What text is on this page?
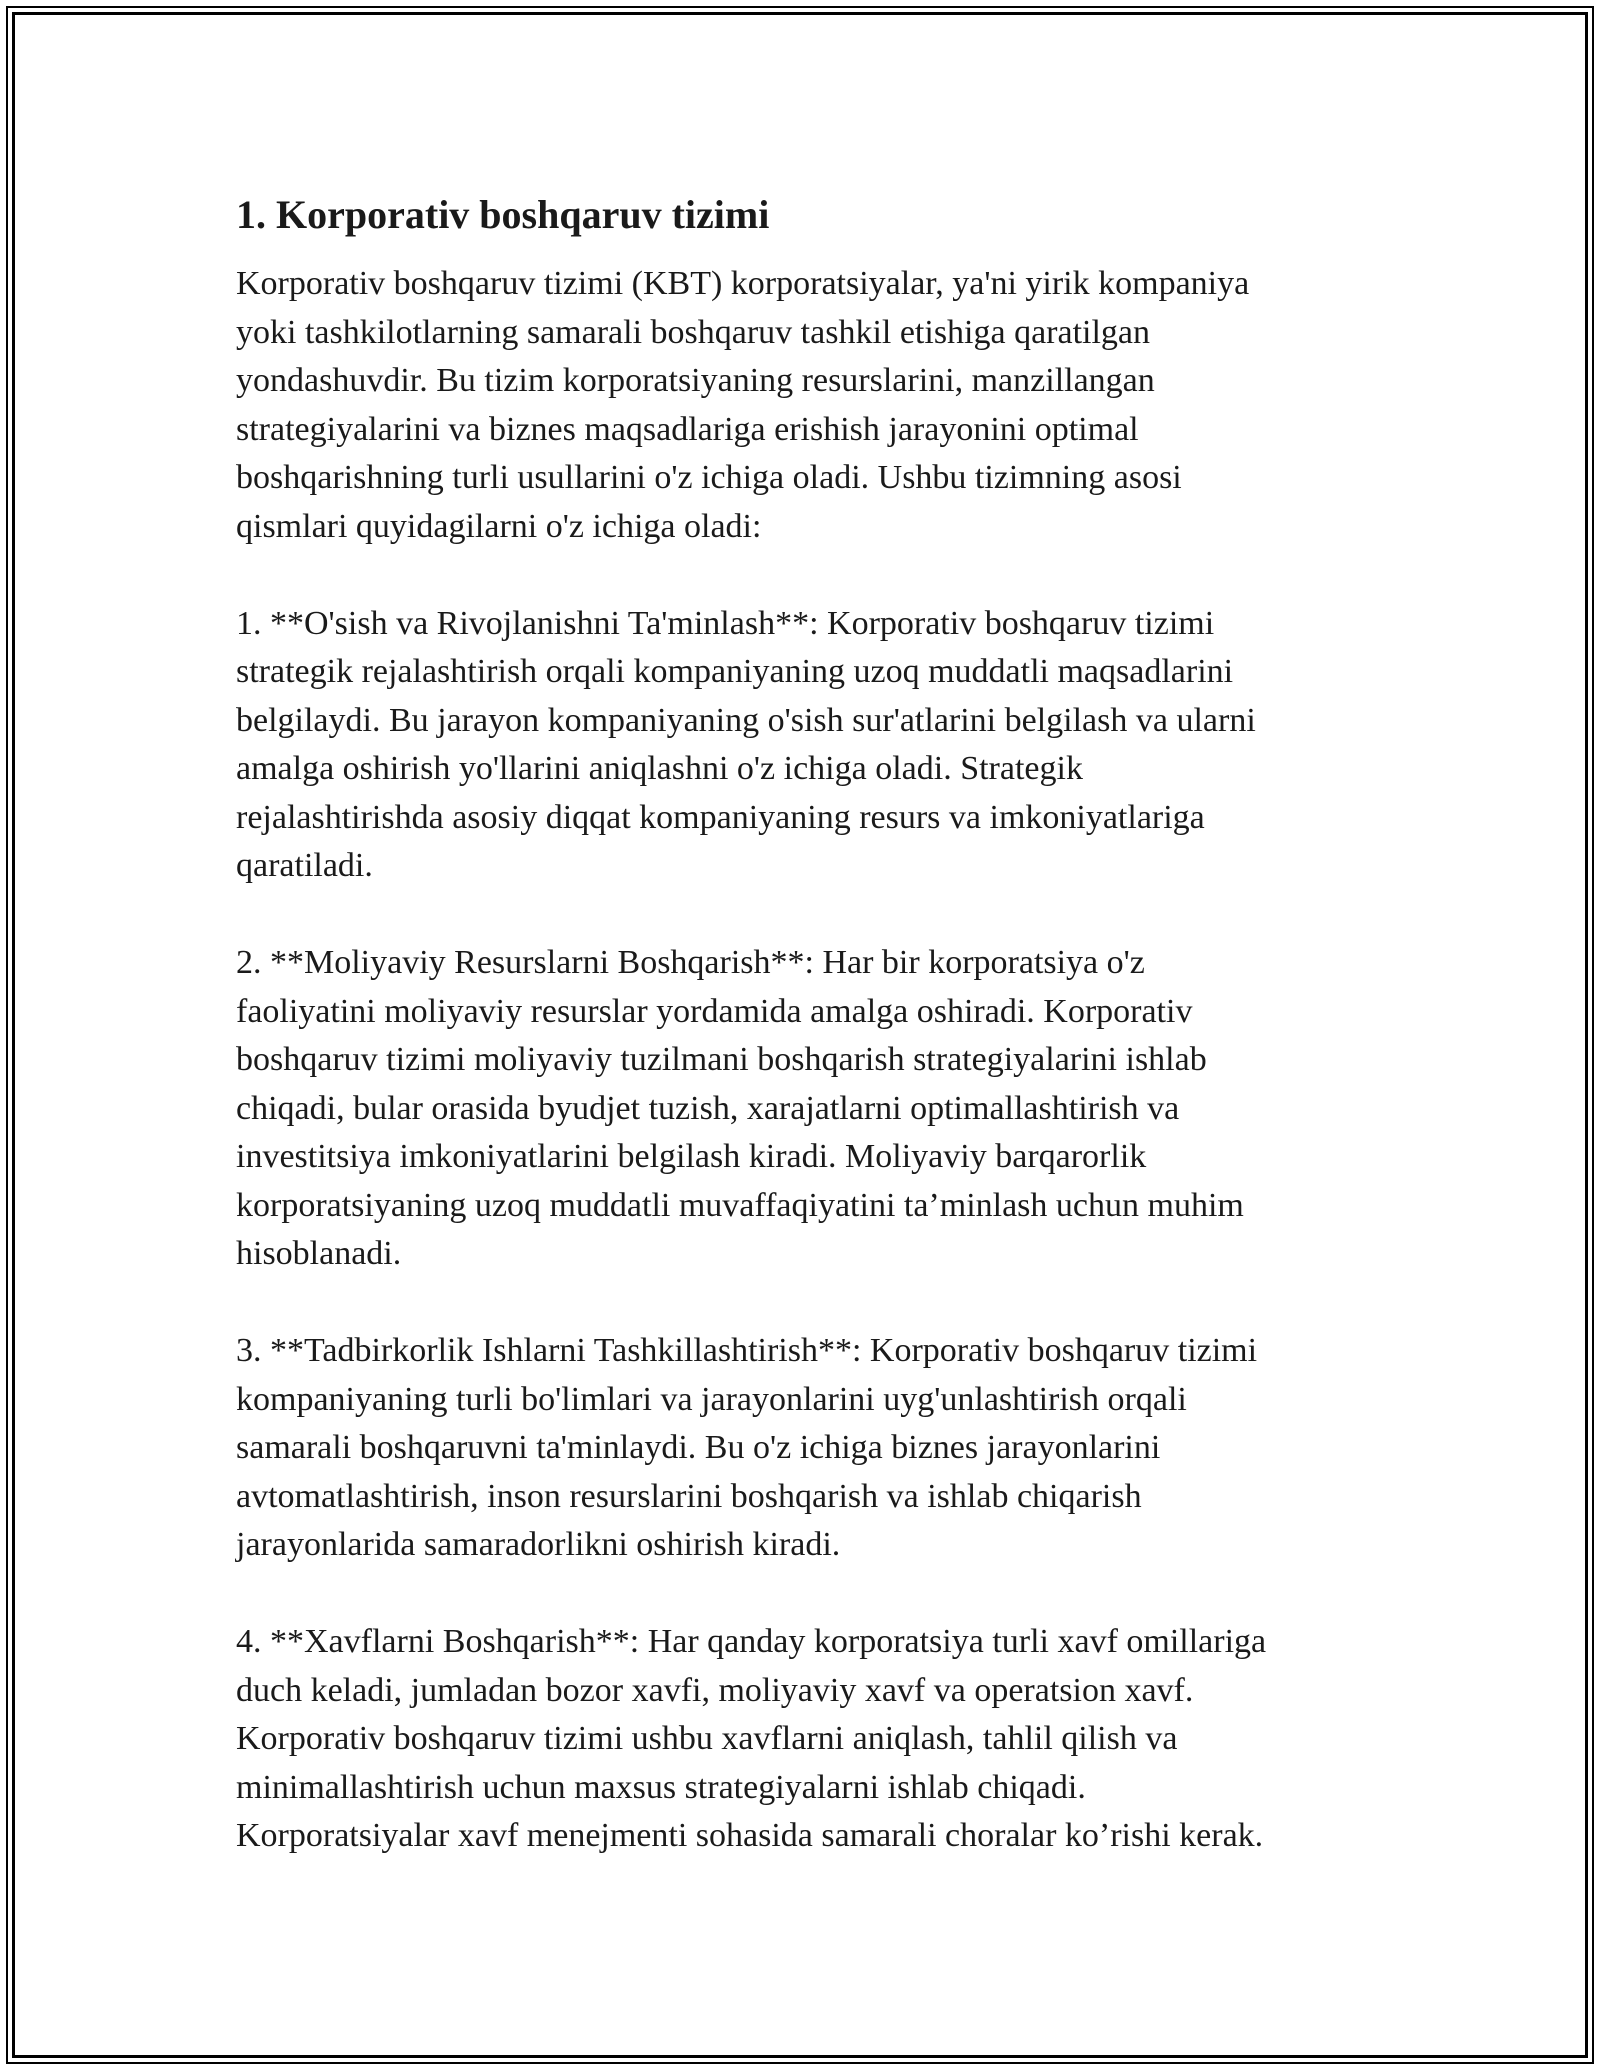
1. Korporativ boshqaruv tizimi
Korporativ boshqaruv tizimi (KBT) korporatsiyalar, ya'ni yirik kompaniya
yoki tashkilotlarning samarali boshqaruv tashkil etishiga qaratilgan
yondashuvdir. Bu tizim korporatsiyaning resurslarini, manzillangan
strategiyalarini va biznes maqsadlariga erishish jarayonini optimal
boshqarishning turli usullarini o'z ichiga oladi. Ushbu tizimning asosi
qismlari quyidagilarni o'z ichiga oladi:
1. **O'sish va Rivojlanishni Ta'minlash**: Korporativ boshqaruv tizimi
strategik rejalashtirish orqali kompaniyaning uzoq muddatli maqsadlarini
belgilaydi. Bu jarayon kompaniyaning o'sish sur'atlarini belgilash va ularni
amalga oshirish yo'llarini aniqlashni o'z ichiga oladi. Strategik
rejalashtirishda asosiy diqqat kompaniyaning resurs va imkoniyatlariga
qaratiladi.
2. **Moliyaviy Resurslarni Boshqarish**: Har bir korporatsiya o'z
faoliyatini moliyaviy resurslar yordamida amalga oshiradi. Korporativ
boshqaruv tizimi moliyaviy tuzilmani boshqarish strategiyalarini ishlab
chiqadi, bular orasida byudjet tuzish, xarajatlarni optimallashtirish va
investitsiya imkoniyatlarini belgilash kiradi. Moliyaviy barqarorlik
korporatsiyaning uzoq muddatli muvaffaqiyatini ta’minlash uchun muhim
hisoblanadi.
3. **Tadbirkorlik Ishlarni Tashkillashtirish**: Korporativ boshqaruv tizimi
kompaniyaning turli bo'limlari va jarayonlarini uyg'unlashtirish orqali
samarali boshqaruvni ta'minlaydi. Bu o'z ichiga biznes jarayonlarini
avtomatlashtirish, inson resurslarini boshqarish va ishlab chiqarish
jarayonlarida samaradorlikni oshirish kiradi.
4. **Xavflarni Boshqarish**: Har qanday korporatsiya turli xavf omillariga
duch keladi, jumladan bozor xavfi, moliyaviy xavf va operatsion xavf.
Korporativ boshqaruv tizimi ushbu xavflarni aniqlash, tahlil qilish va
minimallashtirish uchun maxsus strategiyalarni ishlab chiqadi.
Korporatsiyalar xavf menejmenti sohasida samarali choralar ko’rishi kerak.
